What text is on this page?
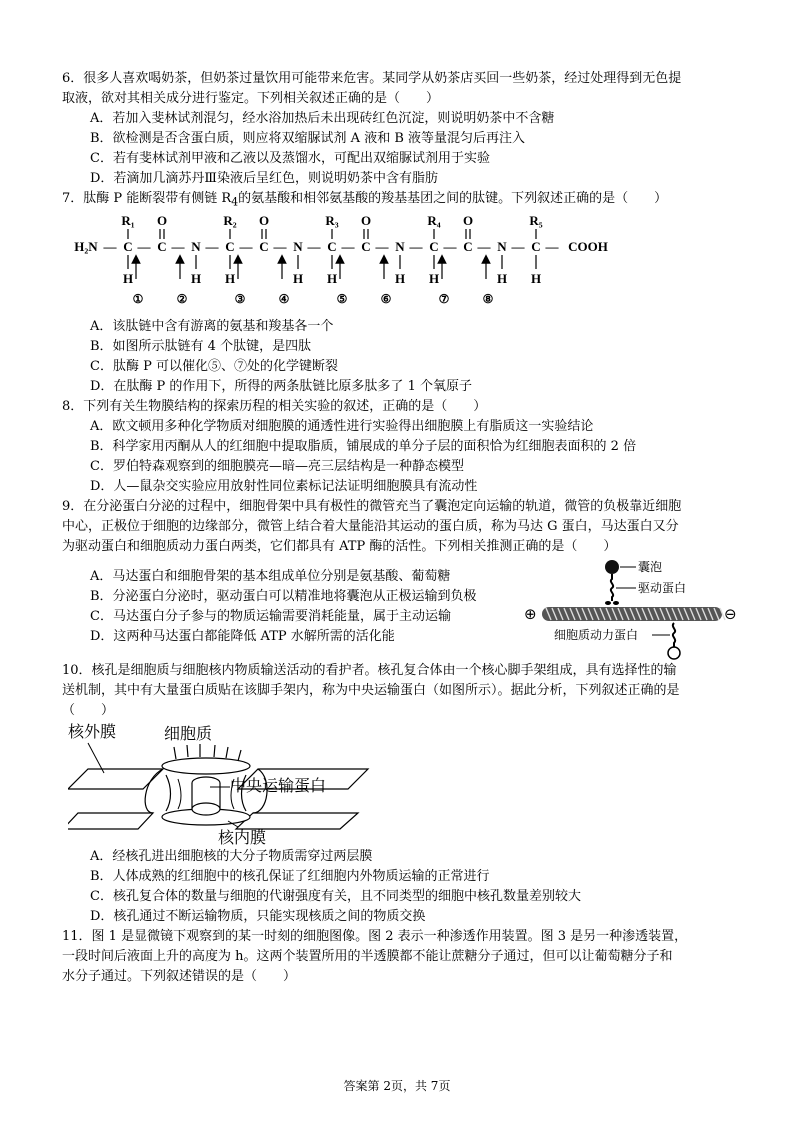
6．很多人喜欢喝奶茶，但奶茶过量饮用可能带来危害。某同学从奶茶店买回一些奶茶，经过处理得到无色提

取液，欲对其相关成分进行鉴定。下列相关叙述正确的是（　　）

A．若加入斐林试剂混匀，经水浴加热后未出现砖红色沉淀，则说明奶茶中不含糖

B．欲检测是否含蛋白质，则应将双缩脲试剂 A 液和 B 液等量混匀后再注入

C．若有斐林试剂甲液和乙液以及蒸馏水，可配出双缩脲试剂用于实验

D．若滴加几滴苏丹Ⅲ染液后呈红色，则说明奶茶中含有脂肪

7．肽酶 P 能断裂带有侧链 $R_4$的氨基酸和相邻氨基酸的羧基基团之间的肽键。下列叙述正确的是（　　）

H₂N — C
R₁
H
— C
O
①
— N
H
②
— C
R₂
H
— C
O
③
— N
H
④
— C
R₃
H
— C
O
⑤
— N
H
⑥
— C
R₄
H
— C
O
⑦
— N
H
⑧
— C
R₅
H
— COOH

A．该肽链中含有游离的氨基和羧基各一个

B．如图所示肽链有 4 个肽键，是四肽

C．肽酶 P 可以催化⑤、⑦处的化学键断裂

D．在肽酶 P 的作用下，所得的两条肽链比原多肽多了 1 个氧原子

8．下列有关生物膜结构的探索历程的相关实验的叙述，正确的是（　　）

A．欧文顿用多种化学物质对细胞膜的通透性进行实验得出细胞膜上有脂质这一实验结论

B．科学家用丙酮从人的红细胞中提取脂质，铺展成的单分子层的面积恰为红细胞表面积的 2 倍

C．罗伯特森观察到的细胞膜亮—暗—亮三层结构是一种静态模型

D．人—鼠杂交实验应用放射性同位素标记法证明细胞膜具有流动性

9．在分泌蛋白分泌的过程中，细胞骨架中具有极性的微管充当了囊泡定向运输的轨道，微管的负极靠近细胞

中心，正极位于细胞的边缘部分，微管上结合着大量能沿其运动的蛋白质，称为马达 G 蛋白，马达蛋白又分

为驱动蛋白和细胞质动力蛋白两类，它们都具有 ATP 酶的活性。下列相关推测正确的是（　　）

A．马达蛋白和细胞骨架的基本组成单位分别是氨基酸、葡萄糖

B．分泌蛋白分泌时，驱动蛋白可以精准地将囊泡从正极运输到负极

C．马达蛋白分子参与的物质运输需要消耗能量，属于主动运输

D．这两种马达蛋白都能降低 ATP 水解所需的活化能

囊泡
驱动蛋白
⊕	⊖
细胞质动力蛋白

10．核孔是细胞质与细胞核内物质输送活动的看护者。核孔复合体由一个核心脚手架组成，具有选择性的输

送机制，其中有大量蛋白质贴在该脚手架内，称为中央运输蛋白（如图所示）。据此分析，下列叙述正确的是

（　　）

核外膜	细胞质
中央运输蛋白
核内膜

A．经核孔进出细胞核的大分子物质需穿过两层膜

B．人体成熟的红细胞中的核孔保证了红细胞内外物质运输的正常进行

C．核孔复合体的数量与细胞的代谢强度有关，且不同类型的细胞中核孔数量差别较大

D．核孔通过不断运输物质，只能实现核质之间的物质交换

11．图 1 是显微镜下观察到的某一时刻的细胞图像。图 2 表示一种渗透作用装置。图 3 是另一种渗透装置，

一段时间后液面上升的高度为 h。这两个装置所用的半透膜都不能让蔗糖分子通过，但可以让葡萄糖分子和

水分子通过。下列叙述错误的是（　　）

答案第 2页，共 7页
